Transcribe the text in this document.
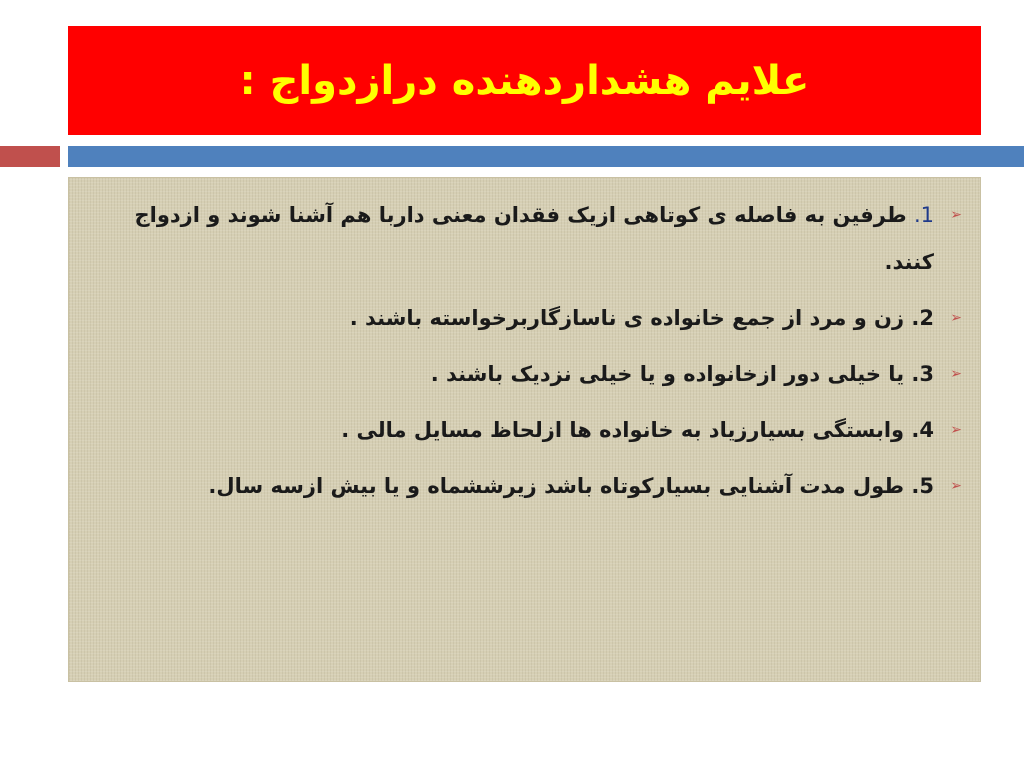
علایم هشداردهنده درازدواج :
➢
1. طرفین به فاصله ی کوتاهی ازیک فقدان معنی داربا هم آشنا شوند و ازدواج کنند.
➢
2. زن و مرد از جمع خانواده ی ناسازگاربرخواسته باشند .
➢
3. یا خیلی دور ازخانواده و یا خیلی نزدیک باشند .
➢
4. وابستگی بسیارزیاد به خانواده ها ازلحاظ مسایل مالی .
➢
5. طول مدت آشنایی بسیارکوتاه باشد زیرششماه و یا بیش ازسه سال.
